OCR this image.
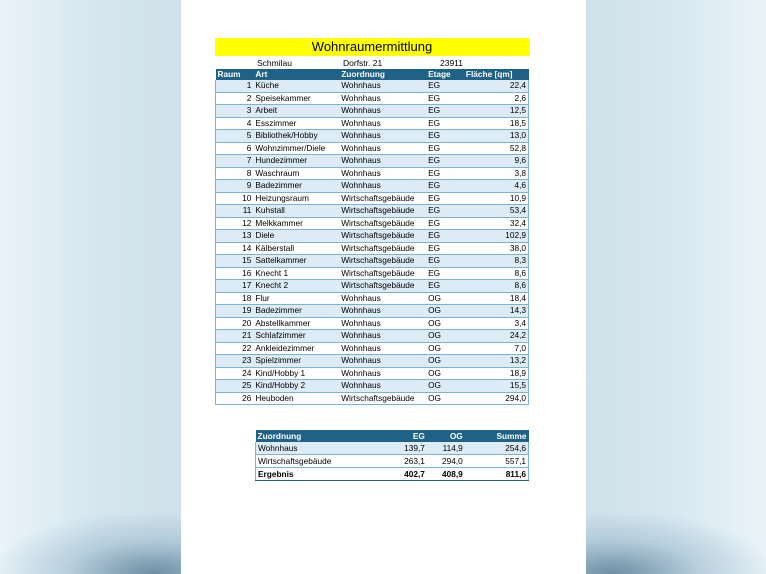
Wohnraumermittlung
Schmilau	Dorfstr. 21	23911
Raum	Art	Zuordnung	Etage	Fläche [qm]
1	Küche	Wohnhaus	EG	22,4
2	Speisekammer	Wohnhaus	EG	2,6
3	Arbeit	Wohnhaus	EG	12,5
4	Esszimmer	Wohnhaus	EG	18,5
5	Bibliothek/Hobby	Wohnhaus	EG	13,0
6	Wohnzimmer/Diele	Wohnhaus	EG	52,8
7	Hundezimmer	Wohnhaus	EG	9,6
8	Waschraum	Wohnhaus	EG	3,8
9	Badezimmer	Wohnhaus	EG	4,6
10	Heizungsraum	Wirtschaftsgebäude	EG	10,9
11	Kuhstall	Wirtschaftsgebäude	EG	53,4
12	Melkkammer	Wirtschaftsgebäude	EG	32,4
13	Diele	Wirtschaftsgebäude	EG	102,9
14	Kälberstall	Wirtschaftsgebäude	EG	38,0
15	Sattelkammer	Wirtschaftsgebäude	EG	8,3
16	Knecht 1	Wirtschaftsgebäude	EG	8,6
17	Knecht 2	Wirtschaftsgebäude	EG	8,6
18	Flur	Wohnhaus	OG	18,4
19	Badezimmer	Wohnhaus	OG	14,3
20	Abstellkammer	Wohnhaus	OG	3,4
21	Schlafzimmer	Wohnhaus	OG	24,2
22	Ankleidezimmer	Wohnhaus	OG	7,0
23	Spielzimmer	Wohnhaus	OG	13,2
24	Kind/Hobby 1	Wohnhaus	OG	18,9
25	Kind/Hobby 2	Wohnhaus	OG	15,5
26	Heuboden	Wirtschaftsgebäude	OG	294,0
Zuordnung	EG	OG	Summe
Wohnhaus	139,7	114,9	254,6
Wirtschaftsgebäude	263,1	294,0	557,1
Ergebnis	402,7	408,9	811,6
